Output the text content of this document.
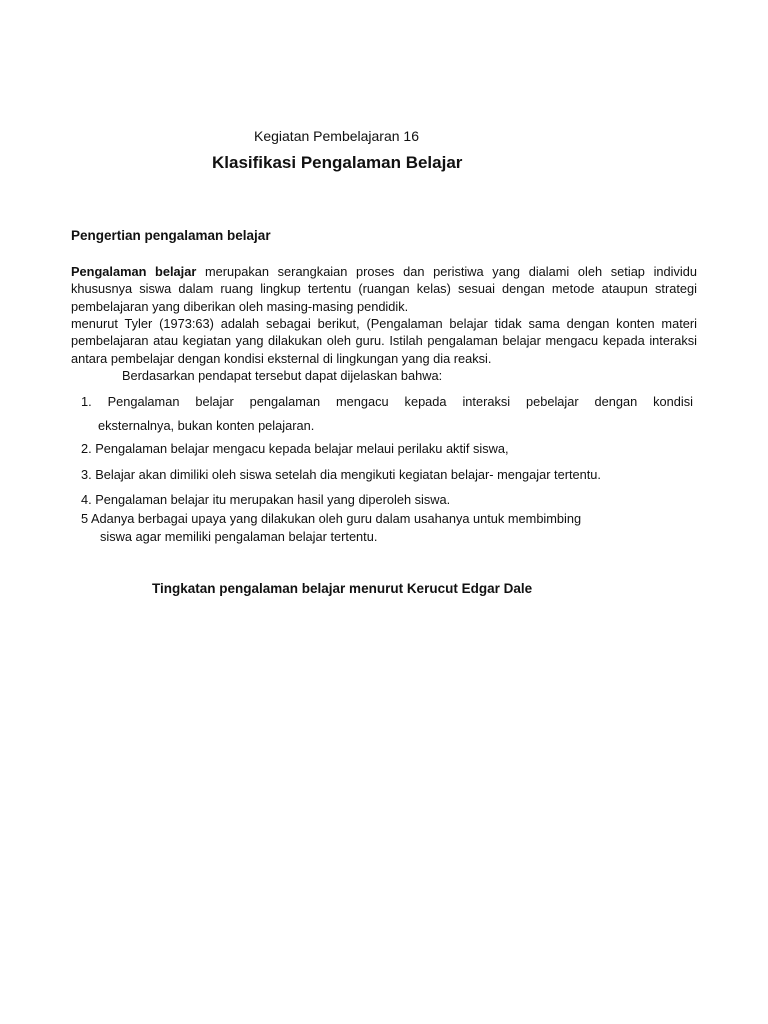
Kegiatan Pembelajaran 16
Klasifikasi Pengalaman Belajar
Pengertian pengalaman belajar
Pengalaman belajar merupakan serangkaian proses dan peristiwa yang dialami oleh setiap individu khususnya siswa dalam ruang lingkup tertentu (ruangan kelas) sesuai dengan metode ataupun strategi pembelajaran yang diberikan oleh masing-masing pendidik.
menurut Tyler (1973:63) adalah sebagai berikut, (Pengalaman belajar tidak sama dengan konten materi pembelajaran atau kegiatan yang dilakukan oleh guru. Istilah pengalaman belajar mengacu kepada interaksi antara pembelajar dengan kondisi eksternal di lingkungan yang dia reaksi.
Berdasarkan pendapat tersebut dapat dijelaskan bahwa:
1. Pengalaman belajar pengalaman mengacu kepada interaksi pebelajar dengan kondisi
eksternalnya, bukan konten pelajaran.
2. Pengalaman belajar mengacu kepada belajar melaui perilaku aktif siswa,
3. Belajar akan dimiliki oleh siswa setelah dia mengikuti kegiatan belajar- mengajar tertentu.
4. Pengalaman belajar itu merupakan hasil yang diperoleh siswa.
5 Adanya berbagai upaya yang dilakukan oleh guru dalam usahanya untuk membimbing
siswa agar memiliki pengalaman belajar tertentu.
Tingkatan pengalaman belajar menurut Kerucut Edgar Dale
